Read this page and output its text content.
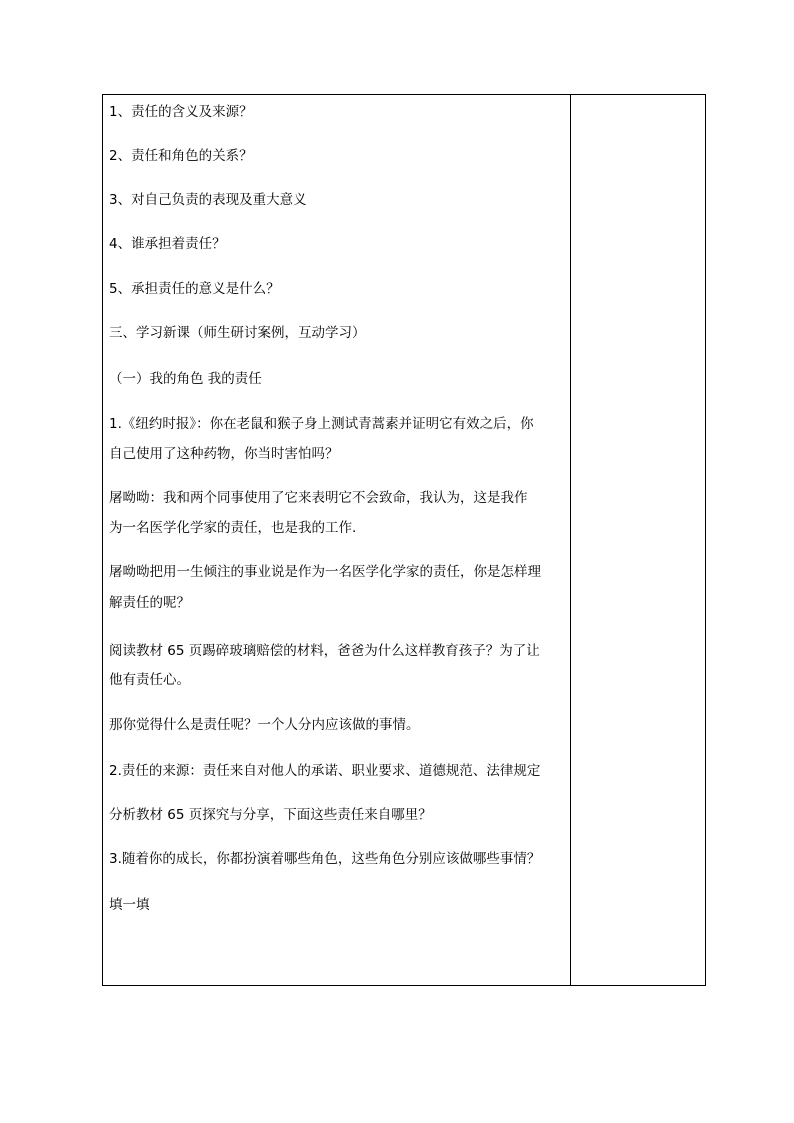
1、责任的含义及来源？
2、责任和角色的关系？
3、对自己负责的表现及重大意义
4、谁承担着责任？
5、承担责任的意义是什么？
三、学习新课（师生研讨案例，互动学习）
（一）我的角色 我的责任
1.《纽约时报》：你在老鼠和猴子身上测试青蒿素并证明它有效之后，你
自己使用了这种药物，你当时害怕吗？
屠呦呦：我和两个同事使用了它来表明它不会致命，我认为，这是我作
为一名医学化学家的责任，也是我的工作.
屠呦呦把用一生倾注的事业说是作为一名医学化学家的责任，你是怎样理
解责任的呢？
阅读教材 65 页踢碎玻璃赔偿的材料，爸爸为什么这样教育孩子？为了让
他有责任心。
那你觉得什么是责任呢？一个人分内应该做的事情。
2.责任的来源：责任来自对他人的承诺、职业要求、道德规范、法律规定
分析教材 65 页探究与分享，下面这些责任来自哪里？
3.随着你的成长，你都扮演着哪些角色，这些角色分别应该做哪些事情？
填一填
